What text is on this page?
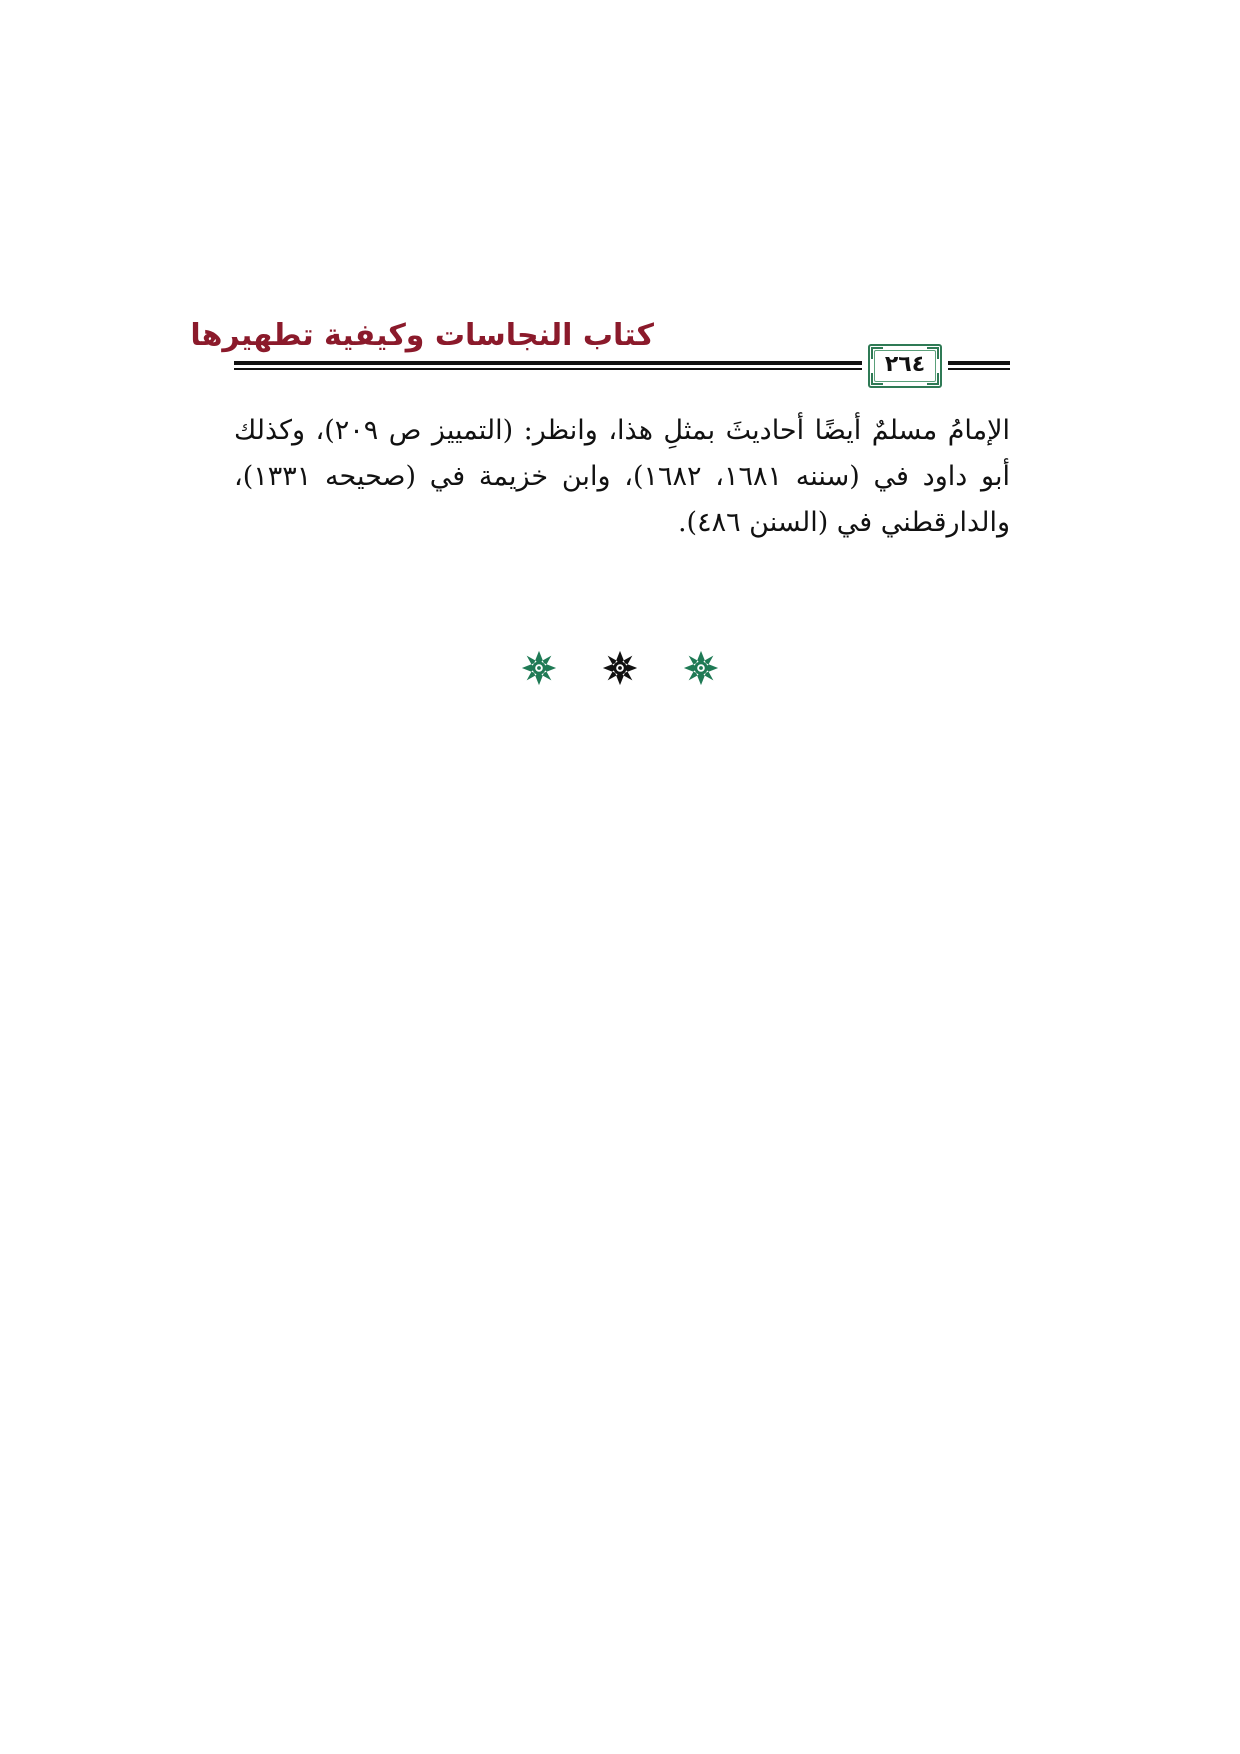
كتاب النجاسات وكيفية تطهيرها
٢٦٤

الإمامُ مسلمٌ أيضًا أحاديثَ بمثلِ هذا، وانظر: (التمييز ص ٢٠٩)، وكذلك أبو داود في (سننه ١٦٨١، ١٦٨٢)، وابن خزيمة في (صحيحه ١٣٣١)، والدارقطني في (السنن ٤٨٦).
